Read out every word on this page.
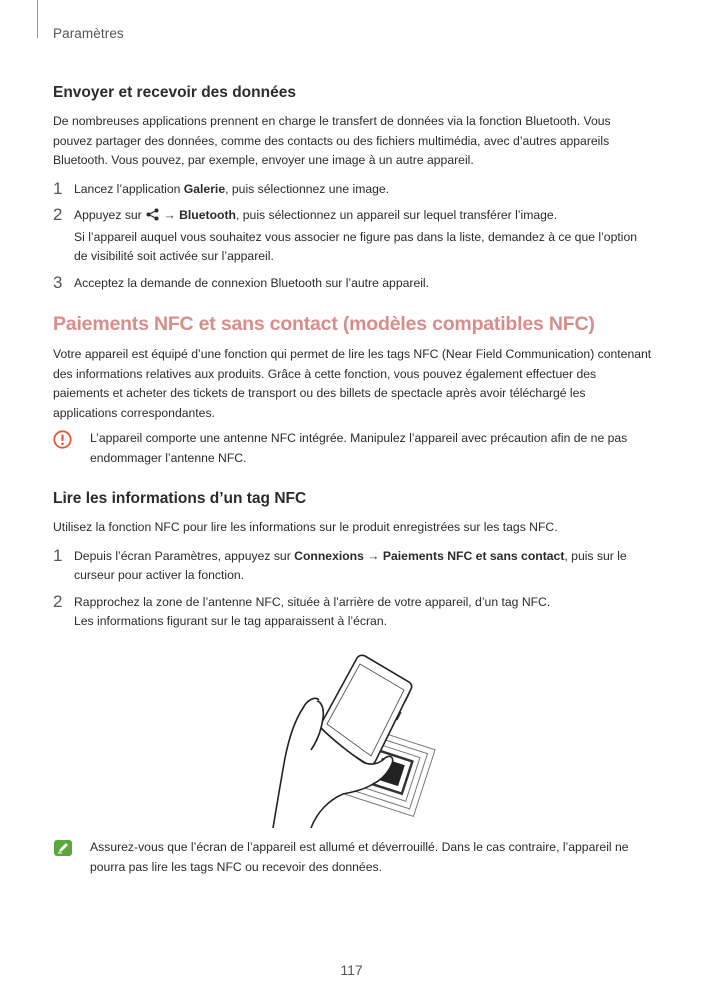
Paramètres
Envoyer et recevoir des données

De nombreuses applications prennent en charge le transfert de données via la fonction Bluetooth. Vous pouvez partager des données, comme des contacts ou des fichiers multimédia, avec d’autres appareils Bluetooth. Vous pouvez, par exemple, envoyer une image à un autre appareil.

1 Lancez l’application Galerie, puis sélectionnez une image.
2 Appuyez sur → Bluetooth, puis sélectionnez un appareil sur lequel transférer l’image.
Si l’appareil auquel vous souhaitez vous associer ne figure pas dans la liste, demandez à ce que l’option de visibilité soit activée sur l’appareil.
3 Acceptez la demande de connexion Bluetooth sur l’autre appareil.
Paiements NFC et sans contact (modèles compatibles NFC)

Votre appareil est équipé d’une fonction qui permet de lire les tags NFC (Near Field Communication) contenant des informations relatives aux produits. Grâce à cette fonction, vous pouvez également effectuer des paiements et acheter des tickets de transport ou des billets de spectacle après avoir téléchargé les applications correspondantes.

L’appareil comporte une antenne NFC intégrée. Manipulez l’appareil avec précaution afin de ne pas endommager l’antenne NFC.
Lire les informations d’un tag NFC

Utilisez la fonction NFC pour lire les informations sur le produit enregistrées sur les tags NFC.

1 Depuis l’écran Paramètres, appuyez sur Connexions → Paiements NFC et sans contact, puis sur le curseur pour activer la fonction.
2 Rapprochez la zone de l’antenne NFC, située à l’arrière de votre appareil, d’un tag NFC.
Les informations figurant sur le tag apparaissent à l’écran.
Assurez-vous que l’écran de l’appareil est allumé et déverrouillé. Dans le cas contraire, l’appareil ne pourra pas lire les tags NFC ou recevoir des données.
117
